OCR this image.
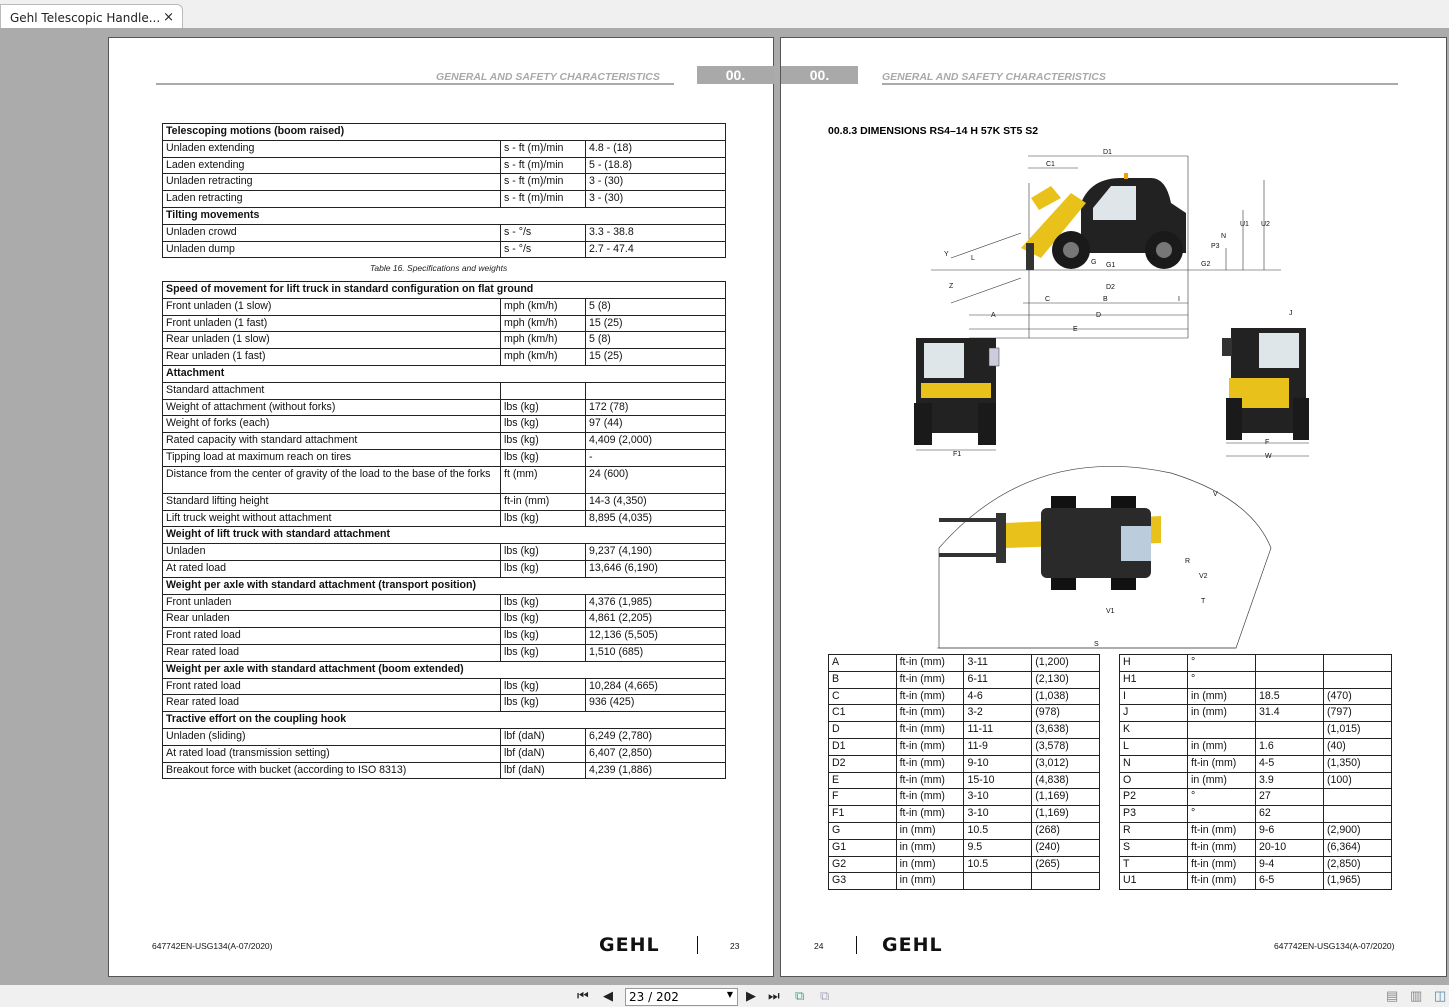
Gehl Telescopic Handle... ×
GENERAL AND SAFETY CHARACTERISTICS	00.
Telescoping motions (boom raised)		
Unladen extending	s - ft (m)/min	4.8 - (18)
Laden extending	s - ft (m)/min	5 - (18.8)
Unladen retracting	s - ft (m)/min	3 - (30)
Laden retracting	s - ft (m)/min	3 - (30)
Tilting movements		
Unladen crowd	s - °/s	3.3 - 38.8
Unladen dump	s - °/s	2.7 - 47.4
Table 16. Specifications and weights
Speed of movement for lift truck in standard configuration on flat ground		
Front unladen (1 slow)	mph (km/h)	5 (8)
Front unladen (1 fast)	mph (km/h)	15 (25)
Rear unladen (1 slow)	mph (km/h)	5 (8)
Rear unladen (1 fast)	mph (km/h)	15 (25)
Attachment		
Standard attachment		
Weight of attachment (without forks)	lbs (kg)	172 (78)
Weight of forks (each)	lbs (kg)	97 (44)
Rated capacity with standard attachment	lbs (kg)	4,409 (2,000)
Tipping load at maximum reach on tires	lbs (kg)	-
Distance from the center of gravity of the load to the base of the forks	ft (mm)	24 (600)
Standard lifting height	ft-in (mm)	14-3 (4,350)
Lift truck weight without attachment	lbs (kg)	8,895 (4,035)
Weight of lift truck with standard attachment		
Unladen	lbs (kg)	9,237 (4,190)
At rated load	lbs (kg)	13,646 (6,190)
Weight per axle with standard attachment (transport position)		
Front unladen	lbs (kg)	4,376 (1,985)
Rear unladen	lbs (kg)	4,861 (2,205)
Front rated load	lbs (kg)	12,136 (5,505)
Rear rated load	lbs (kg)	1,510 (685)
Weight per axle with standard attachment (boom extended)		
Front rated load	lbs (kg)	10,284 (4,665)
Rear rated load	lbs (kg)	936 (425)
Tractive effort on the coupling hook		
Unladen (sliding)	lbf (daN)	6,249 (2,780)
At rated load (transmission setting)	lbf (daN)	6,407 (2,850)
Breakout force with bucket (according to ISO 8313)	lbf (daN)	4,239 (1,886)
647742EN-USG134(A-07/2020)	GEHL	23
00.	GENERAL AND SAFETY CHARACTERISTICS
00.8.3 DIMENSIONS RS4–14 H 57K ST5 S2
D1
C1
U1 U2
N
P3
P2
G G1	G2
Y
L
Z	D2
C	B	I
A	D
E
J
F1
F
W
V
R
V2
T
V1
S
A	ft-in (mm)	3-11	(1,200)
B	ft-in (mm)	6-11	(2,130)
C	ft-in (mm)	4-6	(1,038)
C1	ft-in (mm)	3-2	(978)
D	ft-in (mm)	11-11	(3,638)
D1	ft-in (mm)	11-9	(3,578)
D2	ft-in (mm)	9-10	(3,012)
E	ft-in (mm)	15-10	(4,838)
F	ft-in (mm)	3-10	(1,169)
F1	ft-in (mm)	3-10	(1,169)
G	in (mm)	10.5	(268)
G1	in (mm)	9.5	(240)
G2	in (mm)	10.5	(265)
G3	in (mm)		
H	°		
H1	°		
I	in (mm)	18.5	(470)
J	in (mm)	31.4	(797)
K			(1,015)
L	in (mm)	1.6	(40)
N	ft-in (mm)	4-5	(1,350)
O	in (mm)	3.9	(100)
P2	°	27	
P3	°	62	
R	ft-in (mm)	9-6	(2,900)
S	ft-in (mm)	20-10	(6,364)
T	ft-in (mm)	9-4	(2,850)
U1	ft-in (mm)	6-5	(1,965)
24	GEHL	647742EN-USG134(A-07/2020)
⏮ ◀	▶ ⏭ ⧉ ⧉	▤ ▥ ◫
23 / 202	▼
